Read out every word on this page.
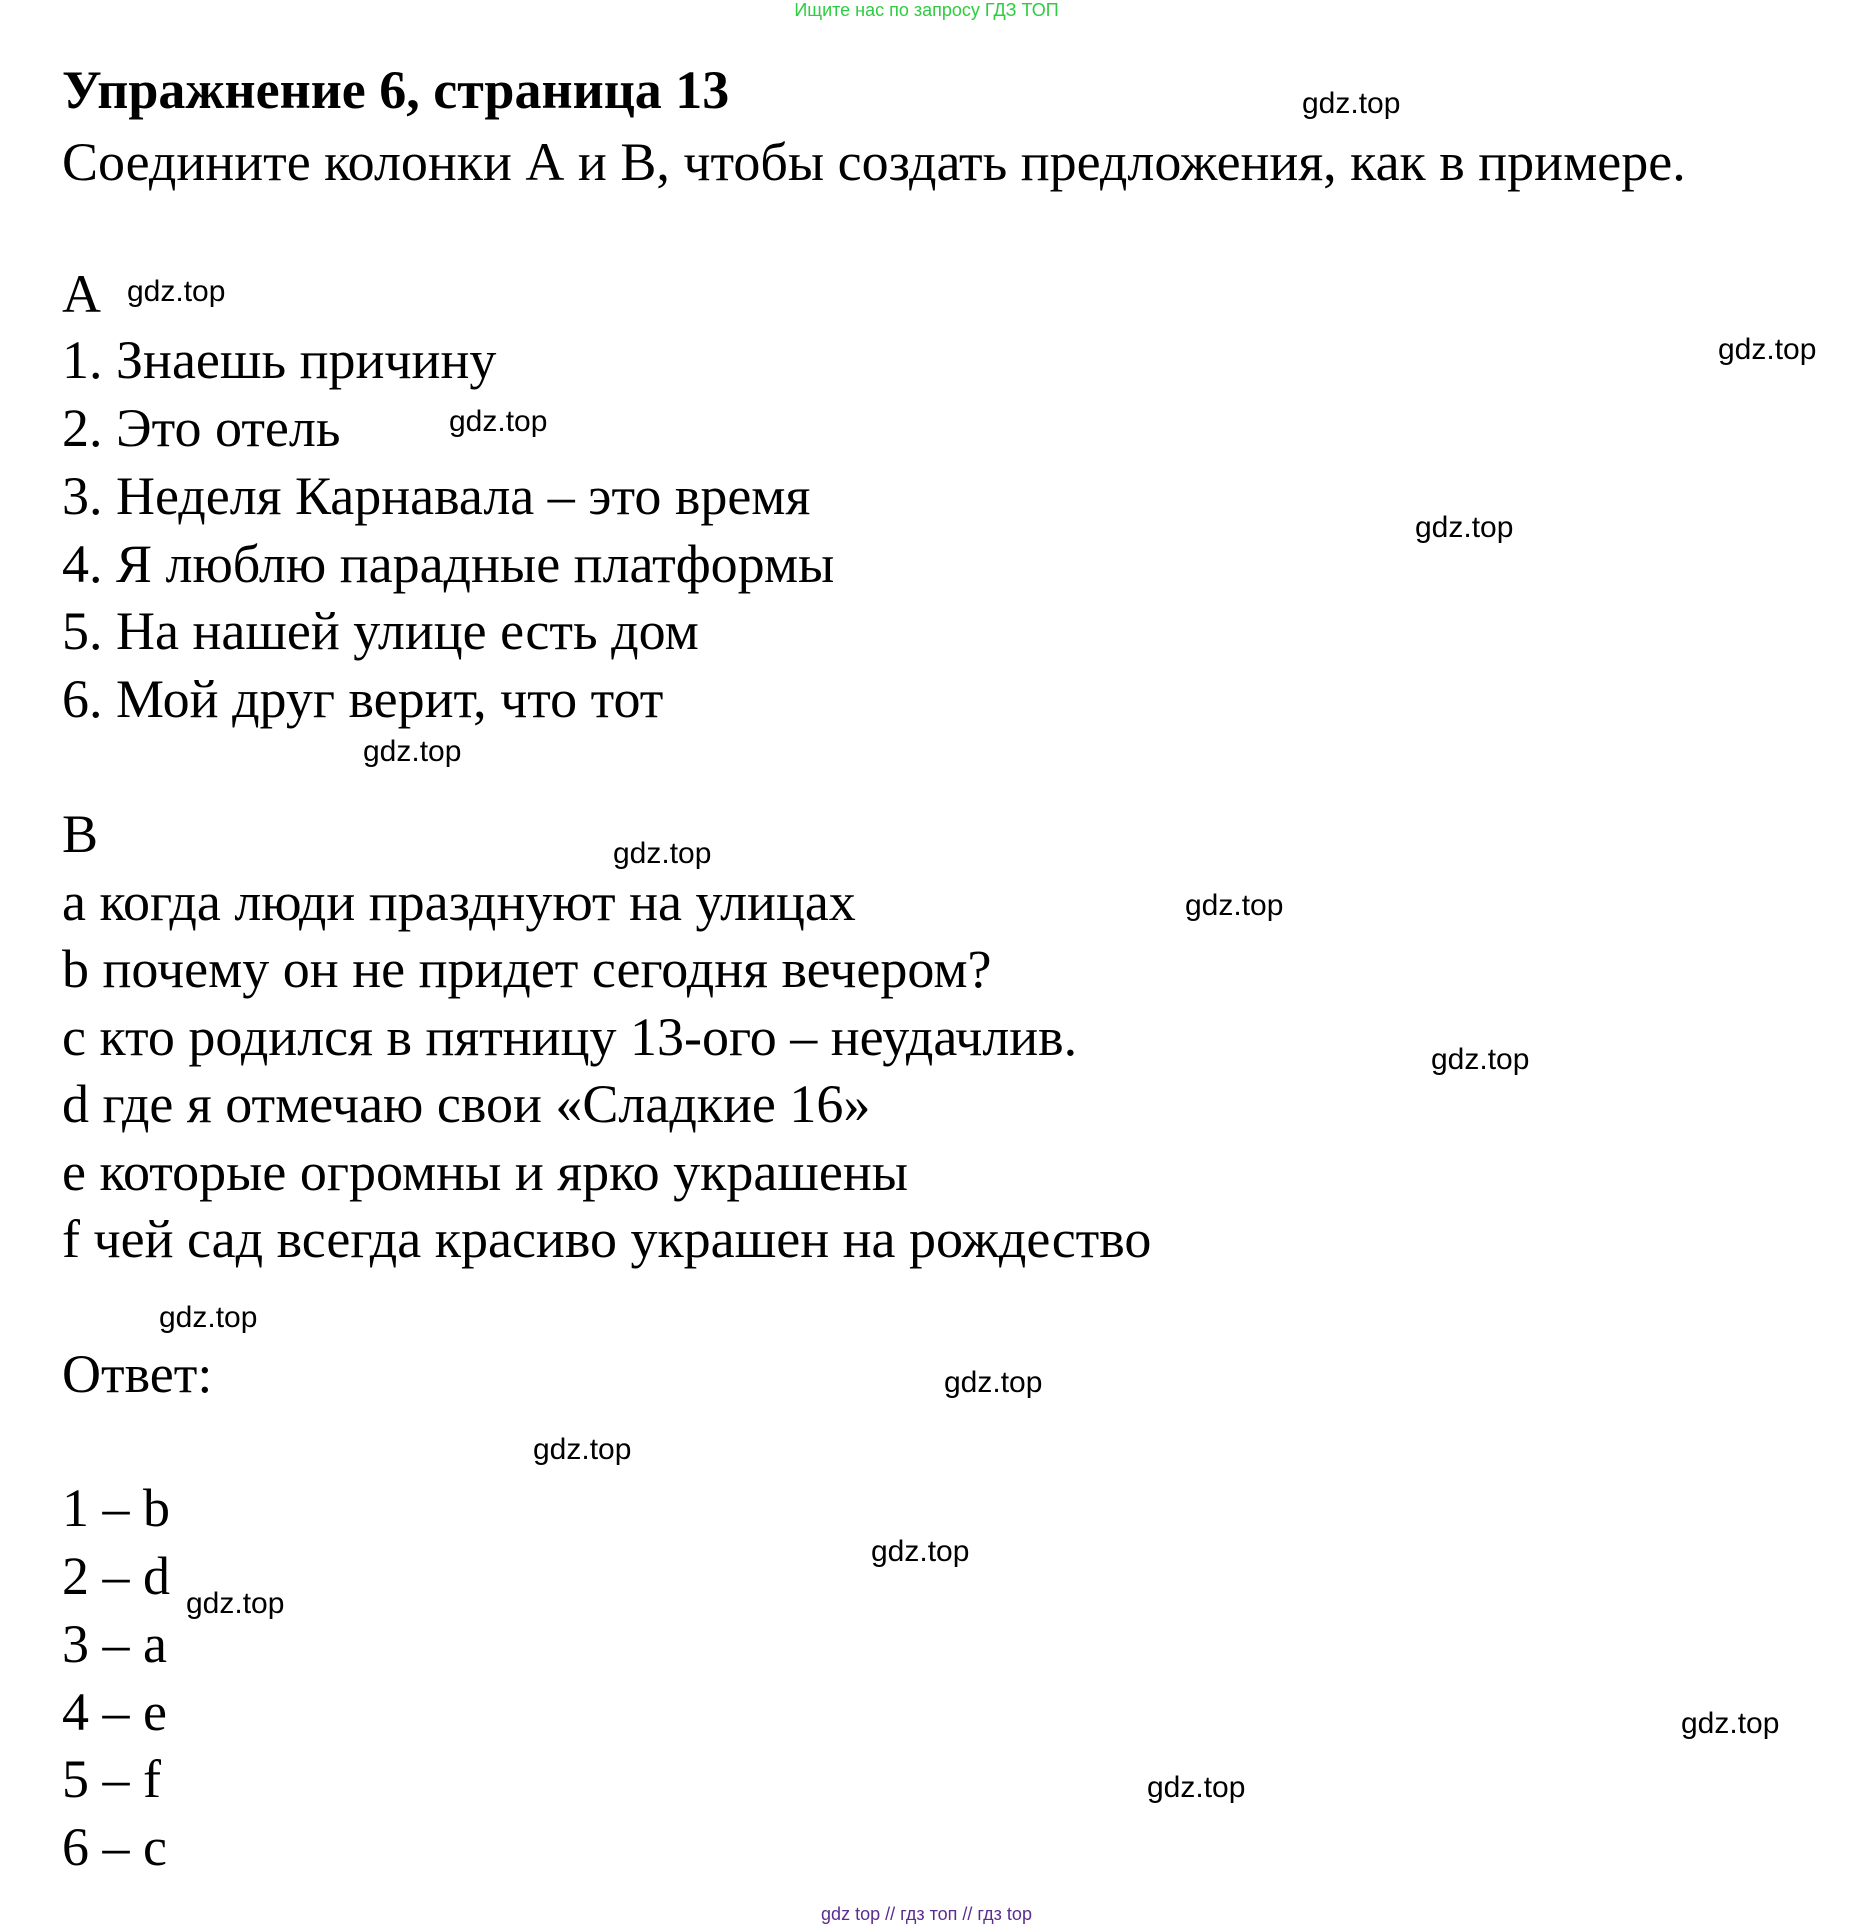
Ищите нас по запросу ГДЗ ТОП
Упражнение 6, страница 13
Соедините колонки А и В, чтобы создать предложения, как в примере.
А
1. Знаешь причину
2. Это отель
3. Неделя Карнавала – это время
4. Я люблю парадные платформы
5. На нашей улице есть дом
6. Мой друг верит, что тот
В
a когда люди празднуют на улицах
b почему он не придет сегодня вечером?
c кто родился в пятницу 13-ого – неудачлив.
d где я отмечаю свои «Сладкие 16»
e которые огромны и ярко украшены
f чей сад всегда красиво украшен на рождество
Ответ:
1 – b
2 – d
3 – a
4 – e
5 – f
6 – c
gdz.top
gdz.top
gdz.top
gdz.top
gdz.top
gdz.top
gdz.top
gdz.top
gdz.top
gdz.top
gdz.top
gdz.top
gdz.top
gdz.top
gdz.top
gdz.top
gdz top // гдз топ // гдз top
